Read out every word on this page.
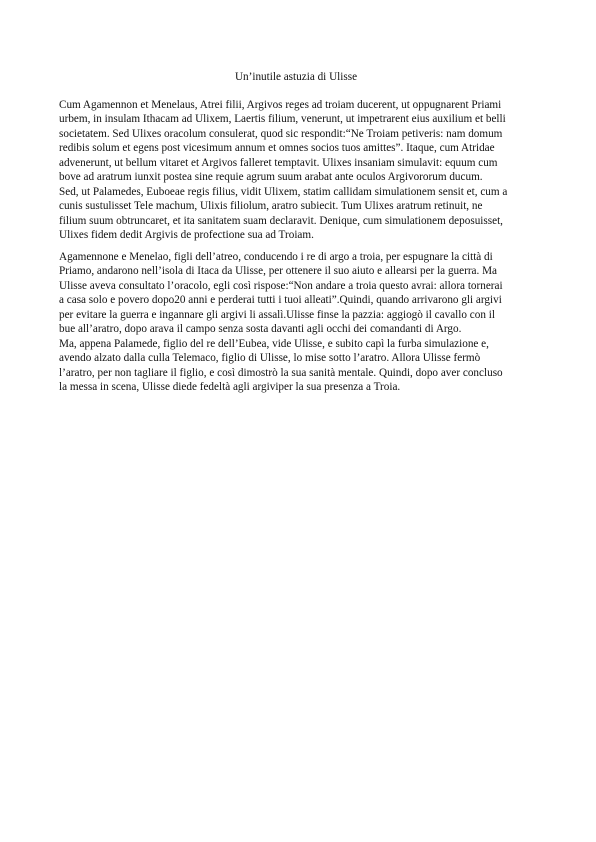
Un’inutile astuzia di Ulisse

Cum Agamennon et Menelaus, Atrei filii, Argivos reges ad troiam ducerent, ut oppugnarent Priami
urbem, in insulam Ithacam ad Ulixem, Laertis filium, venerunt, ut impetrarent eius auxilium et belli
societatem. Sed Ulixes oracolum consulerat, quod sic respondit:“Ne Troiam petiveris: nam domum
redibis solum et egens post vicesimum annum et omnes socios tuos amittes”. Itaque, cum Atridae
advenerunt, ut bellum vitaret et Argivos falleret temptavit. Ulixes insaniam simulavit: equum cum
bove ad aratrum iunxit postea sine requie agrum suum arabat ante oculos Argivororum ducum.
Sed, ut Palamedes, Euboeae regis filius, vidit Ulixem, statim callidam simulationem sensit et, cum a
cunis sustulisset Tele machum, Ulixis filiolum, aratro subiecit. Tum Ulixes aratrum retinuit, ne
filium suum obtruncaret, et ita sanitatem suam declaravit. Denique, cum simulationem deposuisset,
Ulixes fidem dedit Argivis de profectione sua ad Troiam.

Agamennone e Menelao, figli dell’atreo, conducendo i re di argo a troia, per espugnare la città di
Priamo, andarono nell’isola di Itaca da Ulisse, per ottenere il suo aiuto e allearsi per la guerra. Ma
Ulisse aveva consultato l’oracolo, egli così rispose:“Non andare a troia questo avrai: allora tornerai
a casa solo e povero dopo20 anni e perderai tutti i tuoi alleati”.Quindi, quando arrivarono gli argivi
per evitare la guerra e ingannare gli argivi li assalì.Ulisse finse la pazzia: aggiogò il cavallo con il
bue all’aratro, dopo arava il campo senza sosta davanti agli occhi dei comandanti di Argo.
Ma, appena Palamede, figlio del re dell’Eubea, vide Ulisse, e subito capì la furba simulazione e,
avendo alzato dalla culla Telemaco, figlio di Ulisse, lo mise sotto l’aratro. Allora Ulisse fermò
l’aratro, per non tagliare il figlio, e così dimostrò la sua sanità mentale. Quindi, dopo aver concluso
la messa in scena, Ulisse diede fedeltà agli argiviper la sua presenza a Troia.
